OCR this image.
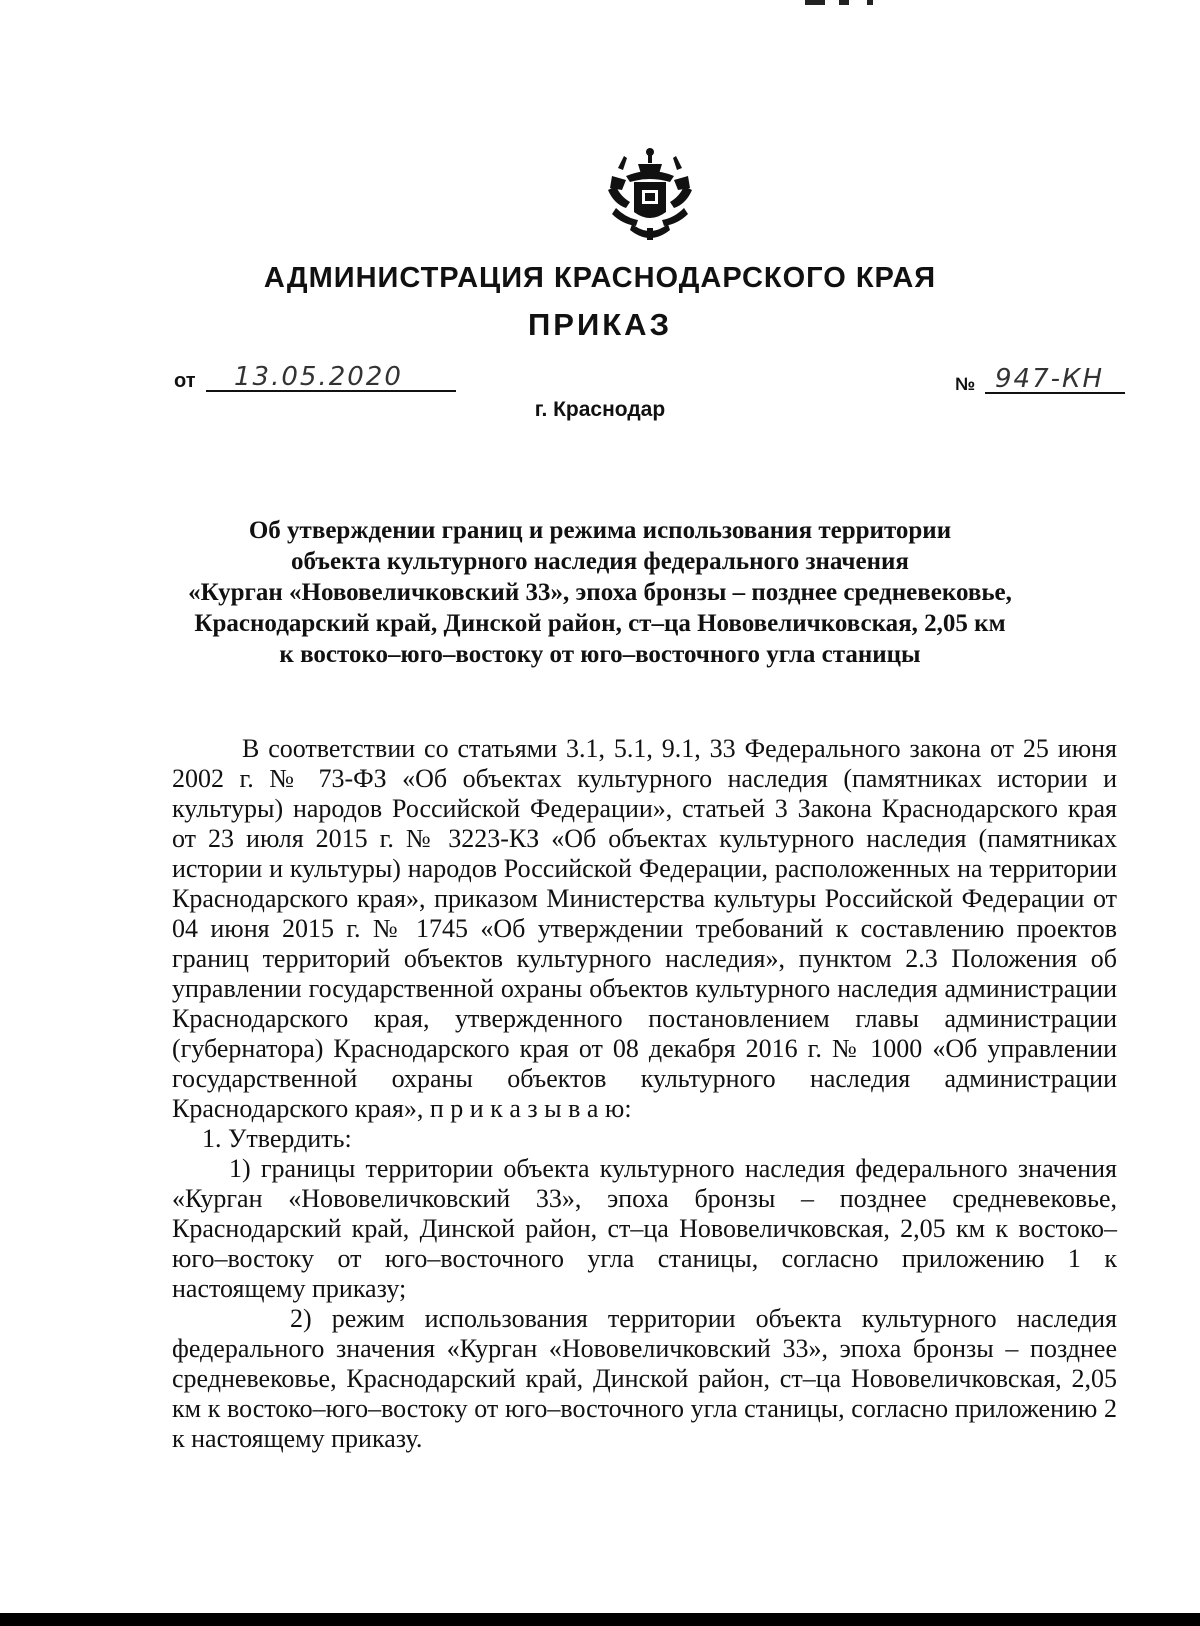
АДМИНИСТРАЦИЯ КРАСНОДАРСКОГО КРАЯ
ПРИКАЗ
от	13.05.2020
г. Краснодар
№ 947-КН
Об утверждении границ и режима использования территории
объекта культурного наследия федерального значения
«Курган «Нововеличковский 33», эпоха бронзы – позднее средневековье,
Краснодарский край, Динской район, ст–ца Нововеличковская, 2,05 км
к востоко–юго–востоку от юго–восточного угла станицы

В соответствии со статьями 3.1, 5.1, 9.1, 33 Федерального закона от 25 июня 2002 г. № 73-ФЗ «Об объектах культурного наследия (памятниках истории и культуры) народов Российской Федерации», статьей 3 Закона Краснодарского края от 23 июля 2015 г. № 3223-КЗ «Об объектах культурного наследия (памятниках истории и культуры) народов Российской Федерации, расположенных на территории Краснодарского края», приказом Министерства культуры Российской Федерации от 04 июня 2015 г. № 1745 «Об утверждении требований к составлению проектов границ территорий объектов культурного наследия», пунктом 2.3 Положения об управлении государственной охраны объектов культурного наследия администрации Краснодарского края, утвержденного постановлением главы администрации (губернатора) Краснодарского края от 08 декабря 2016 г. № 1000 «Об управлении государственной охраны объектов культурного наследия администрации Краснодарского края», п р и к а з ы в а ю:

1. Утвердить:

1) границы территории объекта культурного наследия федерального значения «Курган «Нововеличковский 33», эпоха бронзы – позднее средневековье, Краснодарский край, Динской район, ст–ца Нововеличковская, 2,05 км к востоко–юго–востоку от юго–восточного угла станицы, согласно приложению 1 к настоящему приказу;

2) режим использования территории объекта культурного наследия федерального значения «Курган «Нововеличковский 33», эпоха бронзы – позднее средневековье, Краснодарский край, Динской район, ст–ца Нововеличковская, 2,05 км к востоко–юго–востоку от юго–восточного угла станицы, согласно приложению 2 к настоящему приказу.
